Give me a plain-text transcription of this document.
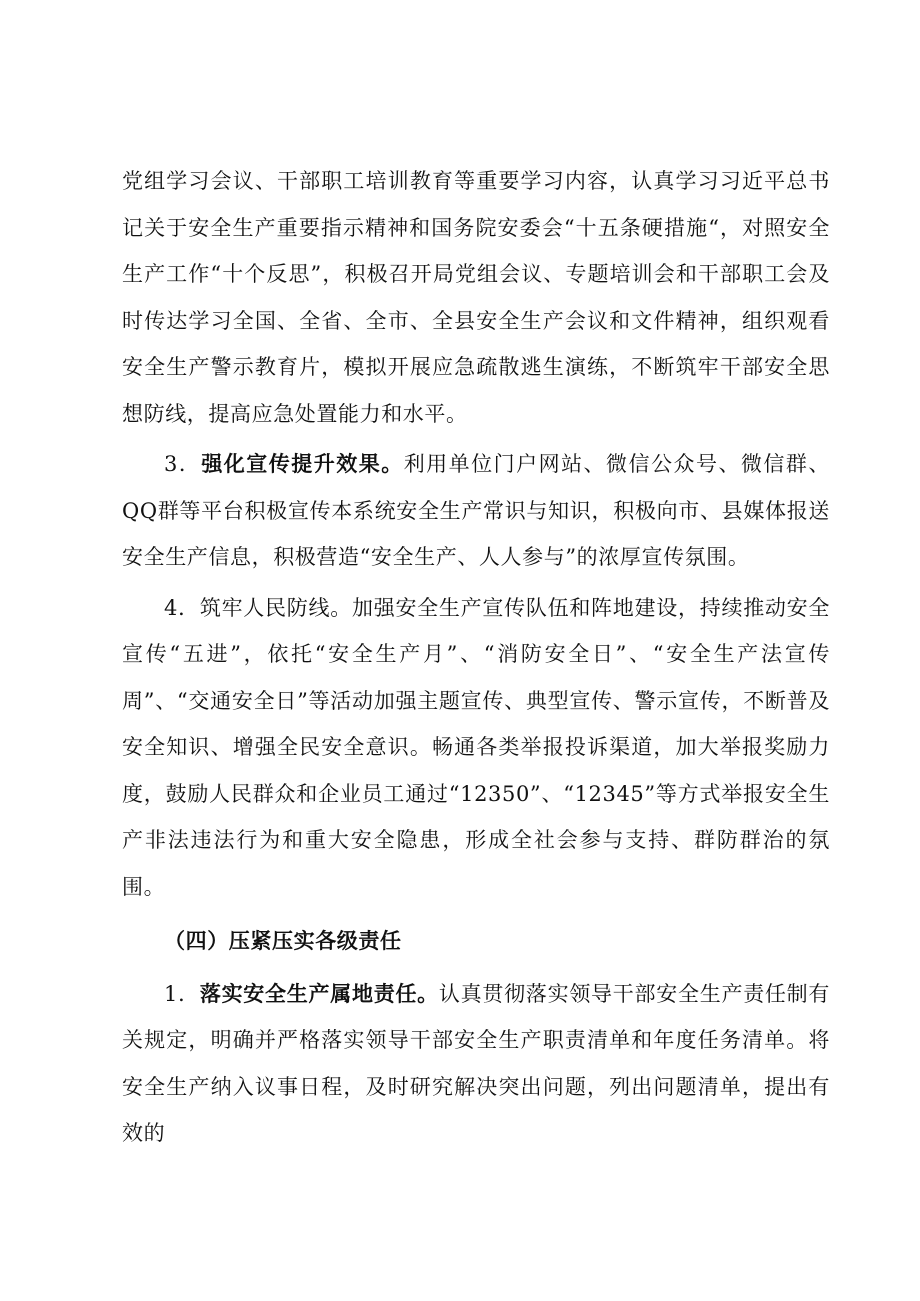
党组学习会议、干部职工培训教育等重要学习内容，认真学习习近平总书记关于安全生产重要指示精神和国务院安委会“十五条硬措施“，对照安全生产工作“十个反思”，积极召开局党组会议、专题培训会和干部职工会及时传达学习全国、全省、全市、全县安全生产会议和文件精神，组织观看安全生产警示教育片，模拟开展应急疏散逃生演练，不断筑牢干部安全思想防线，提高应急处置能力和水平。

3．强化宣传提升效果。利用单位门户网站、微信公众号、微信群、QQ群等平台积极宣传本系统安全生产常识与知识，积极向市、县媒体报送安全生产信息，积极营造“安全生产、人人参与”的浓厚宣传氛围。

4．筑牢人民防线。加强安全生产宣传队伍和阵地建设，持续推动安全宣传“五进”，依托“安全生产月”、“消防安全日”、“安全生产法宣传周”、“交通安全日”等活动加强主题宣传、典型宣传、警示宣传，不断普及安全知识、增强全民安全意识。畅通各类举报投诉渠道，加大举报奖励力度，鼓励人民群众和企业员工通过“12350”、“12345”等方式举报安全生产非法违法行为和重大安全隐患，形成全社会参与支持、群防群治的氛围。

（四）压紧压实各级责任

1．落实安全生产属地责任。认真贯彻落实领导干部安全生产责任制有关规定，明确并严格落实领导干部安全生产职责清单和年度任务清单。将安全生产纳入议事日程，及时研究解决突出问题，列出问题清单，提出有效的
